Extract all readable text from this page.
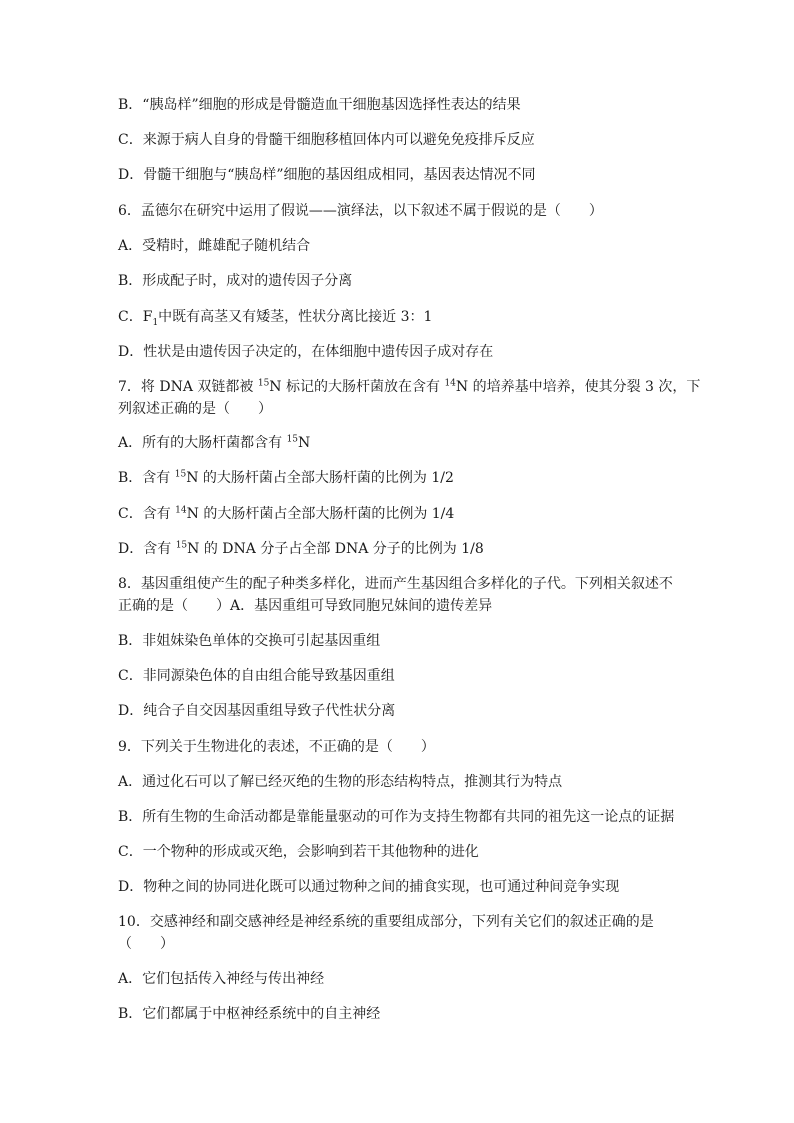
B．“胰岛样”细胞的形成是骨髓造血干细胞基因选择性表达的结果
C．来源于病人自身的骨髓干细胞移植回体内可以避免免疫排斥反应
D．骨髓干细胞与“胰岛样”细胞的基因组成相同，基因表达情况不同
6．孟德尔在研究中运用了假说——演绎法，以下叙述不属于假说的是（　　）
A．受精时，雌雄配子随机结合
B．形成配子时，成对的遗传因子分离
C．$F_1$中既有高茎又有矮茎，性状分离比接近 3：1
D．性状是由遗传因子决定的，在体细胞中遗传因子成对存在
7．将 DNA 双链都被 $^{15}$N 标记的大肠杆菌放在含有 $^{14}$N 的培养基中培养，使其分裂 3 次，下
列叙述正确的是（　　）
A．所有的大肠杆菌都含有 $^{15}$N
B．含有 $^{15}$N 的大肠杆菌占全部大肠杆菌的比例为 1/2
C．含有 $^{14}$N 的大肠杆菌占全部大肠杆菌的比例为 1/4
D．含有 $^{15}$N 的 DNA 分子占全部 DNA 分子的比例为 1/8
8．基因重组使产生的配子种类多样化，进而产生基因组合多样化的子代。下列相关叙述不
正确的是（　　）A．基因重组可导致同胞兄妹间的遗传差异
B．非姐妹染色单体的交换可引起基因重组
C．非同源染色体的自由组合能导致基因重组
D．纯合子自交因基因重组导致子代性状分离
9．下列关于生物进化的表述，不正确的是（　　）
A．通过化石可以了解已经灭绝的生物的形态结构特点，推测其行为特点
B．所有生物的生命活动都是靠能量驱动的可作为支持生物都有共同的祖先这一论点的证据
C．一个物种的形成或灭绝，会影响到若干其他物种的进化
D．物种之间的协同进化既可以通过物种之间的捕食实现，也可通过种间竞争实现
10．交感神经和副交感神经是神经系统的重要组成部分，下列有关它们的叙述正确的是
（　　）
A．它们包括传入神经与传出神经
B．它们都属于中枢神经系统中的自主神经
